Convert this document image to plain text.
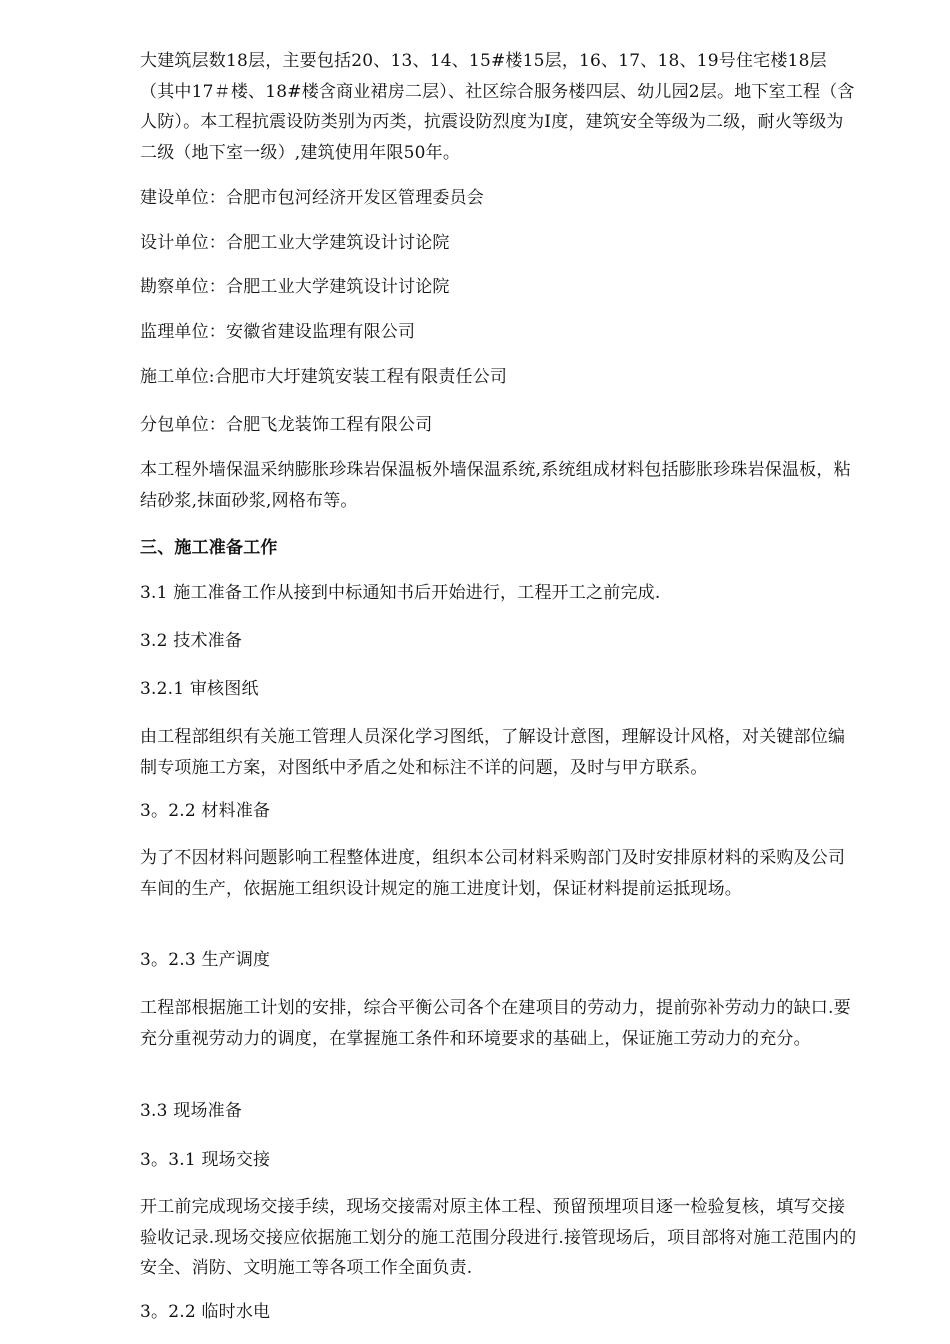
大建筑层数18层，主要包括20、13、14、15#楼15层，16、17、18、19号住宅楼18层（其中17＃楼、18#楼含商业裙房二层）、社区综合服务楼四层、幼儿园2层。地下室工程（含人防）。本工程抗震设防类别为丙类，抗震设防烈度为Ⅰ度，建筑安全等级为二级，耐火等级为二级（地下室一级）,建筑使用年限50年。

建设单位：合肥市包河经济开发区管理委员会

设计单位：合肥工业大学建筑设计讨论院

勘察单位：合肥工业大学建筑设计讨论院

监理单位：安徽省建设监理有限公司

施工单位:合肥市大圩建筑安装工程有限责任公司

分包单位：合肥飞龙装饰工程有限公司

本工程外墙保温采纳膨胀珍珠岩保温板外墙保温系统,系统组成材料包括膨胀珍珠岩保温板，粘结砂浆,抹面砂浆,网格布等。

三、施工准备工作

3.1 施工准备工作从接到中标通知书后开始进行，工程开工之前完成.

3.2 技术准备

3.2.1 审核图纸

由工程部组织有关施工管理人员深化学习图纸，了解设计意图，理解设计风格，对关键部位编制专项施工方案，对图纸中矛盾之处和标注不详的问题，及时与甲方联系。

3。2.2 材料准备

为了不因材料问题影响工程整体进度，组织本公司材料采购部门及时安排原材料的采购及公司车间的生产，依据施工组织设计规定的施工进度计划，保证材料提前运抵现场。

3。2.3 生产调度

工程部根据施工计划的安排，综合平衡公司各个在建项目的劳动力，提前弥补劳动力的缺口.要充分重视劳动力的调度，在掌握施工条件和环境要求的基础上，保证施工劳动力的充分。

3.3 现场准备

3。3.1 现场交接

开工前完成现场交接手续，现场交接需对原主体工程、预留预埋项目逐一检验复核，填写交接验收记录.现场交接应依据施工划分的施工范围分段进行.接管现场后，项目部将对施工范围内的安全、消防、文明施工等各项工作全面负责.

3。2.2 临时水电
